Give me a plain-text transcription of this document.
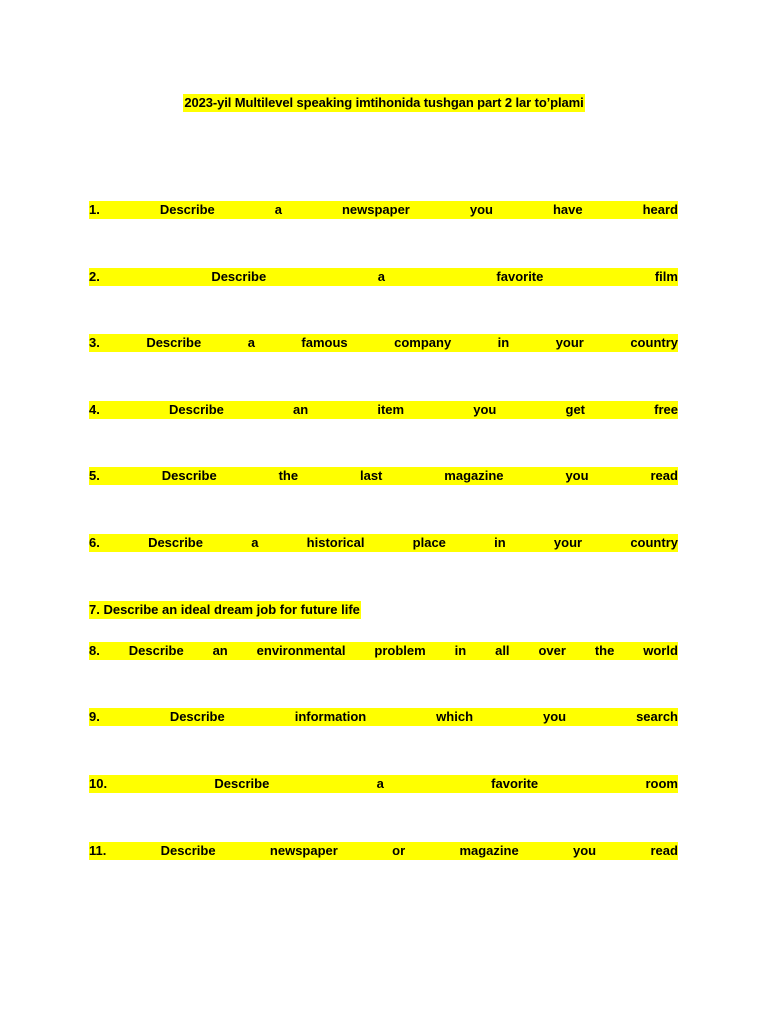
2023-yil Multilevel speaking imtihonida tushgan part 2 lar to’plami
1.	Describe	a	newspaper	you	have	heard
2.	Describe	a	favorite	film
3.	Describe	a	famous	company	in	your	country
4.	Describe	an	item	you	get	free
5.	Describe	the	last	magazine	you	read
6.	Describe	a	historical	place	in	your	country
7. Describe an ideal dream job for future life
8. Describe an environmental problem in all over the world
9.	Describe	information	which	you	search
10.	Describe	a	favorite	room
11.	Describe	newspaper	or	magazine	you	read
